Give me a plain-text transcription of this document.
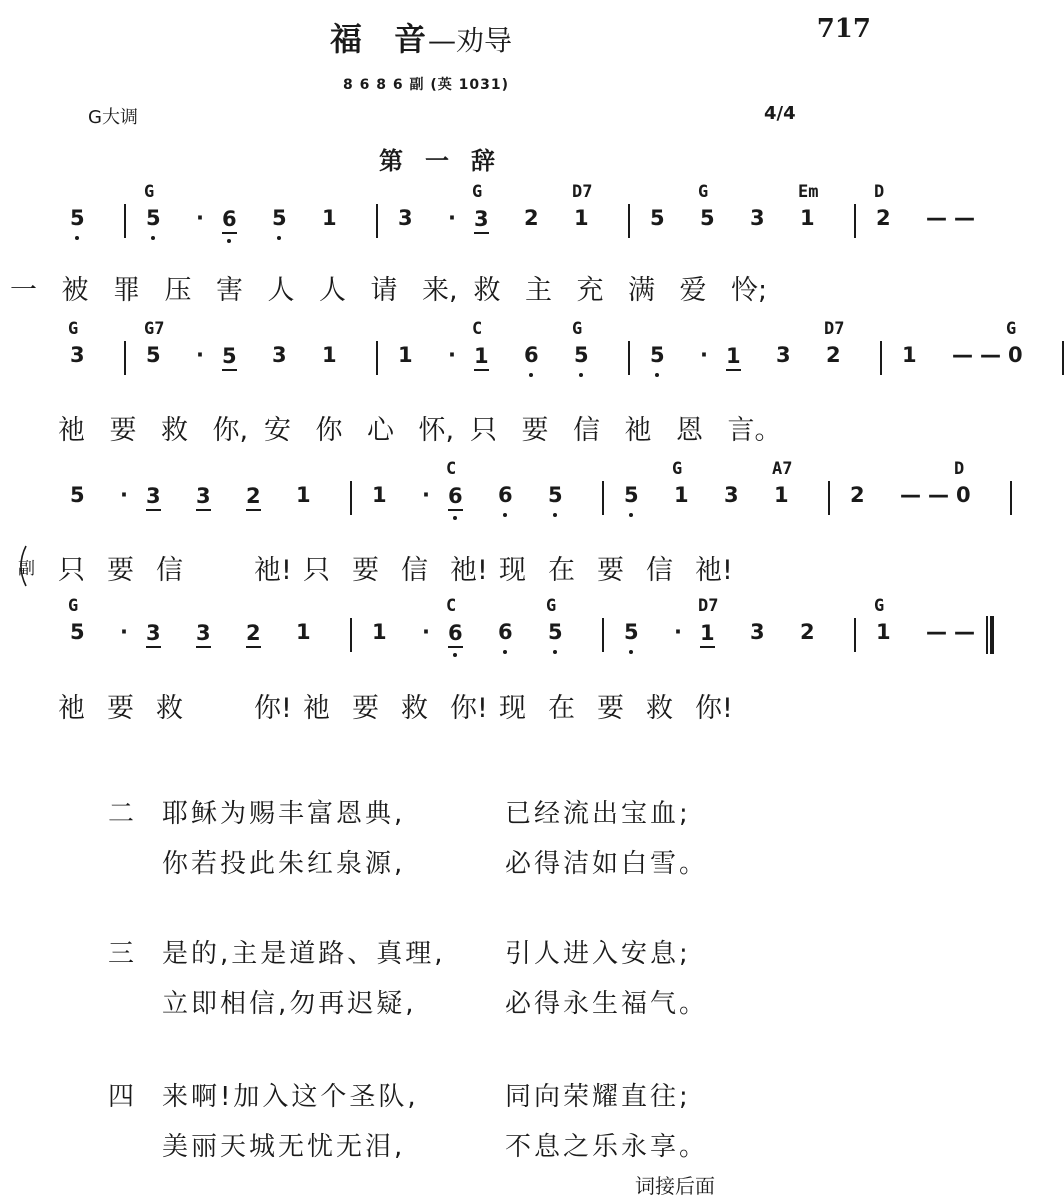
福 音—劝导	717
8 6 8 6 副 (英 1031)
G大调	4/4
第 一 辞
5	5 · 6 5 1	3 · 3 2 1	5 5 3 1	2 — —
G	G	D7	G	Em	D
一 被 罪 压 害 人 人 请 来, 救 主 充 满 爱 怜;
3	5 · 5 3 1	1 · 1 6 5	5 · 1 3 2	1 — — 0
G	G7	C	G	D7	G
祂 要 救 你, 安 你 心 怀, 只 要 信 祂 恩 言。
5 · 3 3 2 1	1 · 6 6 5	5 1 3 1	2 — — 0
C	G	A7	D
只 要 信	祂! 只 要 信 祂! 现 在 要 信 祂!
5 · 3 3 2 1	1 · 6 6 5	5 · 1 3 2	1 — —
G	C	G	D7	G
祂 要 救	你! 祂 要 救 你! 现 在 要 救 你!
副
二 耶稣为赐丰富恩典,	已经流出宝血;
你若投此朱红泉源,	必得洁如白雪。
三 是的,主是道路、真理, 引人进入安息;
立即相信,勿再迟疑,	必得永生福气。
四 来啊!加入这个圣队,	同向荣耀直往;
美丽天城无忧无泪,	不息之乐永享。
词接后面
